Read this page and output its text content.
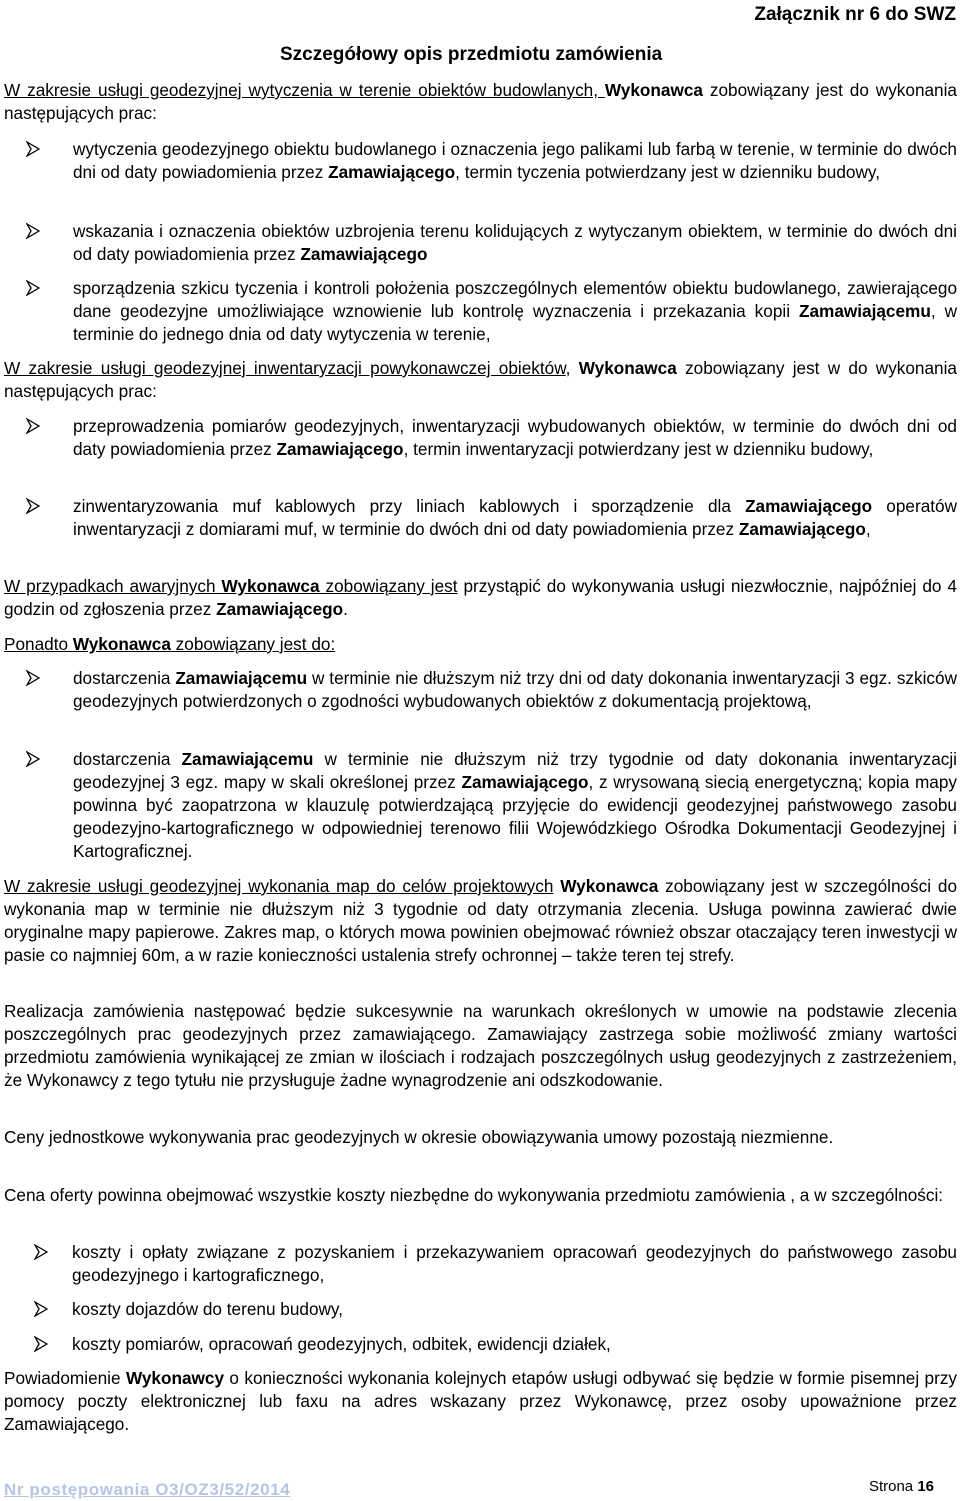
Załącznik nr 6 do SWZ
Szczegółowy opis przedmiotu zamówienia
W zakresie usługi geodezyjnej wytyczenia w terenie obiektów budowlanych, Wykonawca zobowiązany jest do wykonania następujących prac:
wytyczenia geodezyjnego obiektu budowlanego i oznaczenia jego palikami lub farbą w terenie, w terminie do dwóch dni od daty powiadomienia przez Zamawiającego, termin tyczenia potwierdzany jest w dzienniku budowy,
wskazania i oznaczenia obiektów uzbrojenia terenu kolidujących z wytyczanym obiektem, w terminie do dwóch dni od daty powiadomienia przez Zamawiającego
sporządzenia szkicu tyczenia i kontroli położenia poszczególnych elementów obiektu budowlanego, zawierającego dane geodezyjne umożliwiające wznowienie lub kontrolę wyznaczenia i przekazania kopii Zamawiającemu, w terminie do jednego dnia od daty wytyczenia w terenie,
W zakresie usługi geodezyjnej inwentaryzacji powykonawczej obiektów, Wykonawca zobowiązany jest w do wykonania następujących prac:
przeprowadzenia pomiarów geodezyjnych, inwentaryzacji wybudowanych obiektów, w terminie do dwóch dni od daty powiadomienia przez Zamawiającego, termin inwentaryzacji potwierdzany jest w dzienniku budowy,
zinwentaryzowania muf kablowych przy liniach kablowych i sporządzenie dla Zamawiającego operatów inwentaryzacji z domiarami muf, w terminie do dwóch dni od daty powiadomienia przez Zamawiającego,
W przypadkach awaryjnych Wykonawca zobowiązany jest przystąpić do wykonywania usługi niezwłocznie, najpóźniej do 4 godzin od zgłoszenia przez Zamawiającego.
Ponadto Wykonawca zobowiązany jest do:
dostarczenia Zamawiającemu w terminie nie dłuższym niż trzy dni od daty dokonania inwentaryzacji 3 egz. szkiców geodezyjnych potwierdzonych o zgodności wybudowanych obiektów z dokumentacją projektową,
dostarczenia Zamawiającemu w terminie nie dłuższym niż trzy tygodnie od daty dokonania inwentaryzacji geodezyjnej 3 egz. mapy w skali określonej przez Zamawiającego, z wrysowaną siecią energetyczną; kopia mapy powinna być zaopatrzona w klauzulę potwierdzającą przyjęcie do ewidencji geodezyjnej państwowego zasobu geodezyjno-kartograficznego w odpowiedniej terenowo filii Wojewódzkiego Ośrodka Dokumentacji Geodezyjnej i Kartograficznej.
W zakresie usługi geodezyjnej wykonania map do celów projektowych Wykonawca zobowiązany jest w szczególności do wykonania map w terminie nie dłuższym niż 3 tygodnie od daty otrzymania zlecenia. Usługa powinna zawierać dwie oryginalne mapy papierowe. Zakres map, o których mowa powinien obejmować również obszar otaczający teren inwestycji w pasie co najmniej 60m, a w razie konieczności ustalenia strefy ochronnej – także teren tej strefy.
Realizacja zamówienia następować będzie sukcesywnie na warunkach określonych w umowie na podstawie zlecenia poszczególnych prac geodezyjnych przez zamawiającego. Zamawiający zastrzega sobie możliwość zmiany wartości przedmiotu zamówienia wynikającej ze zmian w ilościach i rodzajach poszczególnych usług geodezyjnych z zastrzeżeniem, że Wykonawcy z tego tytułu nie przysługuje żadne wynagrodzenie ani odszkodowanie.
Ceny jednostkowe wykonywania prac geodezyjnych w okresie obowiązywania umowy pozostają niezmienne.
Cena oferty powinna obejmować wszystkie koszty niezbędne do wykonywania przedmiotu zamówienia , a w szczególności:
koszty i opłaty związane z pozyskaniem i przekazywaniem opracowań geodezyjnych do państwowego zasobu geodezyjnego i kartograficznego,
koszty dojazdów do terenu budowy,
koszty pomiarów, opracowań geodezyjnych, odbitek, ewidencji działek,
Powiadomienie Wykonawcy o konieczności wykonania kolejnych etapów usługi odbywać się będzie w formie pisemnej przy pomocy poczty elektronicznej lub faxu na adres wskazany przez Wykonawcę, przez osoby upoważnione przez Zamawiającego.
Nr postępowania O3/OZ3/52/2014	Strona 16
